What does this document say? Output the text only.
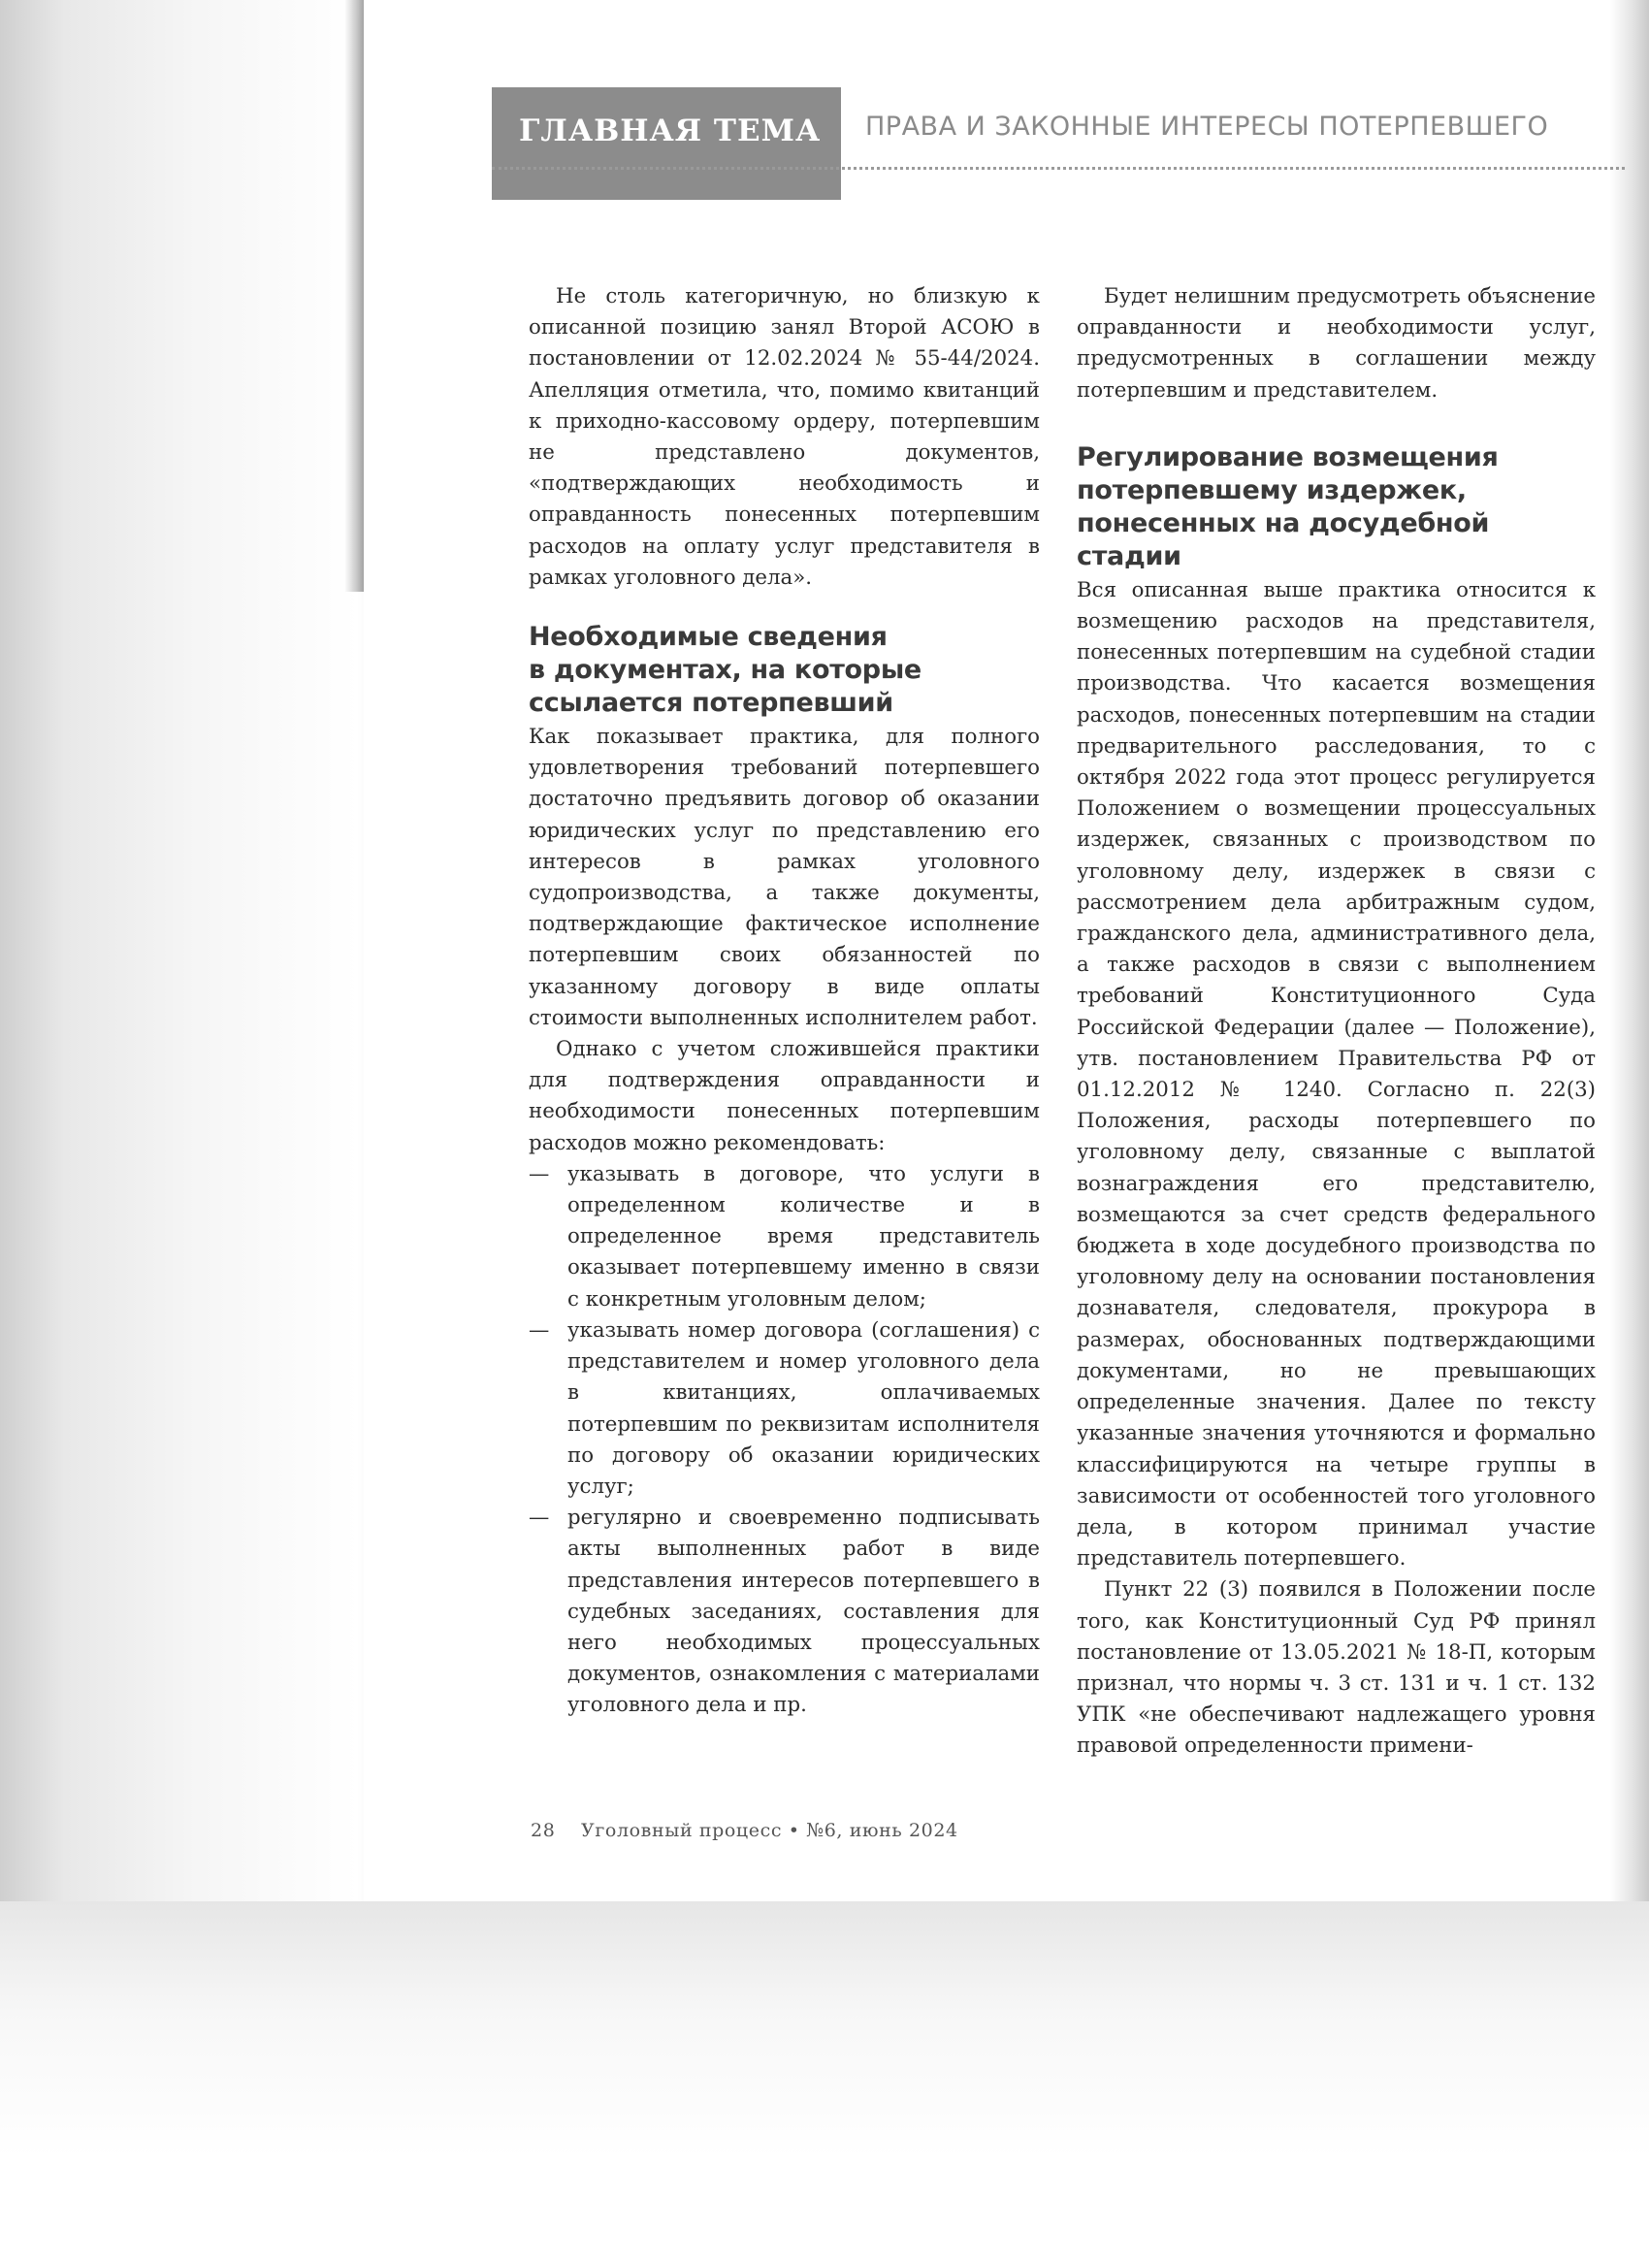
ГЛАВНАЯ ТЕМА ПРАВА И ЗАКОННЫЕ ИНТЕРЕСЫ ПОТЕРПЕВШЕГО

Не столь категоричную, но близкую к описанной позицию занял Второй АСОЮ в постановлении от 12.02.2024 № 55-44/2024. Апелляция отметила, что, помимо квитанций к приходно-кассовому ордеру, потерпевшим не представлено документов, «подтверждающих необходимость и оправданность понесенных потерпевшим расходов на оплату услуг представителя в рамках уголовного дела».

Необходимые сведения
в документах, на которые
ссылается потерпевший

Как показывает практика, для полного удовлетворения требований потерпевшего достаточно предъявить договор об оказании юридических услуг по представлению его интересов в рамках уголовного судопроизводства, а также документы, подтверждающие фактическое исполнение потерпевшим своих обязанностей по указанному договору в виде оплаты стоимости выполненных исполнителем работ.

Однако с учетом сложившейся практики для подтверждения оправданности и необходимости понесенных потерпевшим расходов можно рекомендовать:

— указывать в договоре, что услуги в определенном количестве и в определенное время представитель оказывает потерпевшему именно в связи с конкретным уголовным делом;
— указывать номер договора (соглашения) с представителем и номер уголовного дела в квитанциях, оплачиваемых потерпевшим по реквизитам исполнителя по договору об оказании юридических услуг;
— регулярно и своевременно подписывать акты выполненных работ в виде представления интересов потерпевшего в судебных заседаниях, составления для него необходимых процессуальных документов, ознакомления с материалами уголовного дела и пр.

Будет нелишним предусмотреть объяснение оправданности и необходимости услуг, предусмотренных в соглашении между потерпевшим и представителем.

Регулирование возмещения
потерпевшему издержек,
понесенных на досудебной стадии

Вся описанная выше практика относится к возмещению расходов на представителя, понесенных потерпевшим на судебной стадии производства. Что касается возмещения расходов, понесенных потерпевшим на стадии предварительного расследования, то с октября 2022 года этот процесс регулируется Положением о возмещении процессуальных издержек, связанных с производством по уголовному делу, издержек в связи с рассмотрением дела арбитражным судом, гражданского дела, административного дела, а также расходов в связи с выполнением требований Конституционного Суда Российской Федерации (далее — Положение), утв. постановлением Правительства РФ от 01.12.2012 № 1240. Согласно п. 22(3) Положения, расходы потерпевшего по уголовному делу, связанные с выплатой вознаграждения его представителю, возмещаются за счет средств федерального бюджета в ходе досудебного производства по уголовному делу на основании постановления дознавателя, следователя, прокурора в размерах, обоснованных подтверждающими документами, но не превышающих определенные значения. Далее по тексту указанные значения уточняются и формально классифицируются на четыре группы в зависимости от особенностей того уголовного дела, в котором принимал участие представитель потерпевшего.

Пункт 22 (3) появился в Положении после того, как Конституционный Суд РФ принял постановление от 13.05.2021 № 18-П, которым признал, что нормы ч. 3 ст. 131 и ч. 1 ст. 132 УПК «не обеспечивают надлежащего уровня правовой определенности примени-

28 Уголовный процесс • №6, июнь 2024
